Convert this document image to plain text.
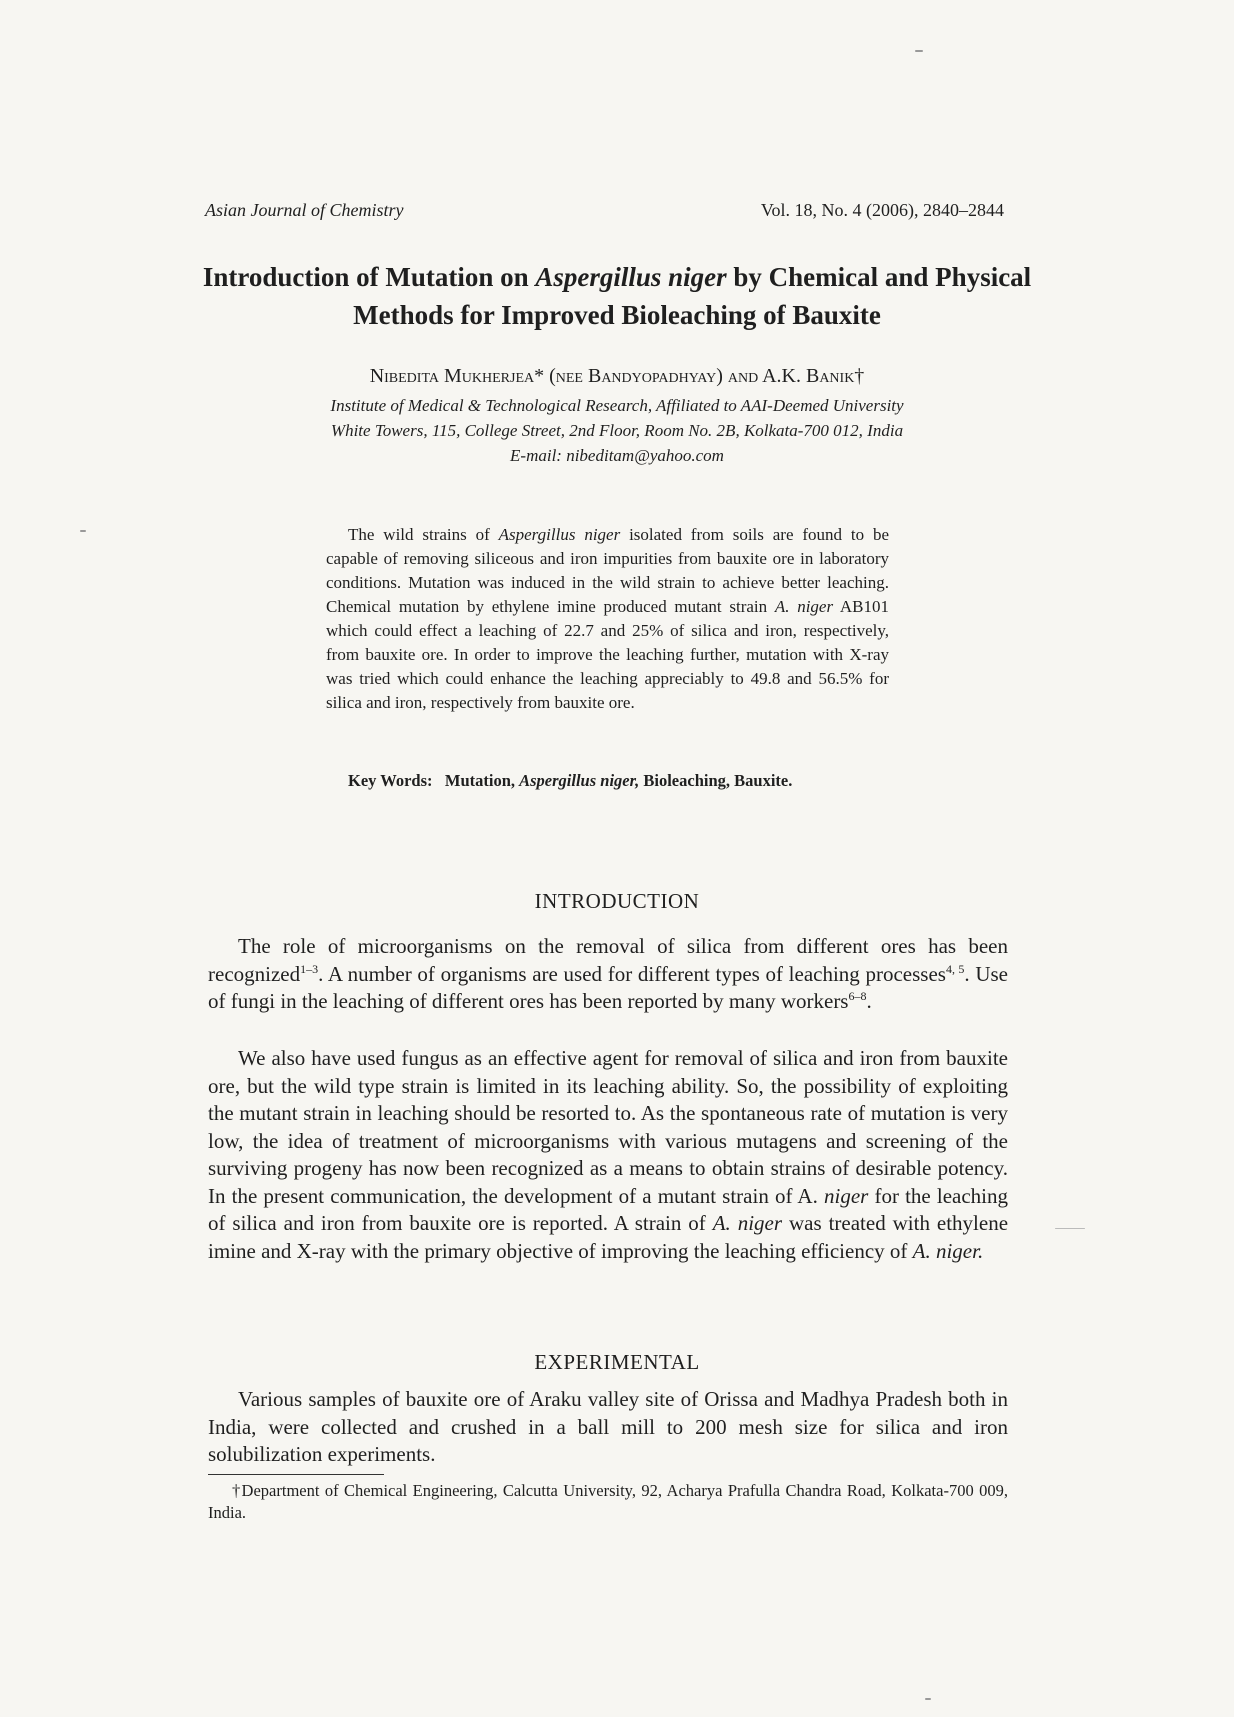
Asian Journal of Chemistry	Vol. 18, No. 4 (2006), 2840–2844
Introduction of Mutation on Aspergillus niger by Chemical and Physical Methods for Improved Bioleaching of Bauxite
Nibedita Mukherjea* (nee Bandyopadhyay) and A.K. Banik†
Institute of Medical & Technological Research, Affiliated to AAI-Deemed University
White Towers, 115, College Street, 2nd Floor, Room No. 2B, Kolkata-700 012, India
E-mail: nibeditam@yahoo.com
The wild strains of Aspergillus niger isolated from soils are found to be capable of removing siliceous and iron impurities from bauxite ore in laboratory conditions. Mutation was induced in the wild strain to achieve better leaching. Chemical mutation by ethylene imine produced mutant strain A. niger AB101 which could effect a leaching of 22.7 and 25% of silica and iron, respectively, from bauxite ore. In order to improve the leaching further, mutation with X-ray was tried which could enhance the leaching appreciably to 49.8 and 56.5% for silica and iron, respectively from bauxite ore.
Key Words: Mutation, Aspergillus niger, Bioleaching, Bauxite.
INTRODUCTION
The role of microorganisms on the removal of silica from different ores has been recognized$^{1-3}$. A number of organisms are used for different types of leaching processes$^{4, 5}$. Use of fungi in the leaching of different ores has been reported by many workers$^{6-8}$.
We also have used fungus as an effective agent for removal of silica and iron from bauxite ore, but the wild type strain is limited in its leaching ability. So, the possibility of exploiting the mutant strain in leaching should be resorted to. As the spontaneous rate of mutation is very low, the idea of treatment of microorganisms with various mutagens and screening of the surviving progeny has now been recognized as a means to obtain strains of desirable potency. In the present communication, the development of a mutant strain of A. niger for the leaching of silica and iron from bauxite ore is reported. A strain of A. niger was treated with ethylene imine and X-ray with the primary objective of improving the leaching efficiency of A. niger.
EXPERIMENTAL
Various samples of bauxite ore of Araku valley site of Orissa and Madhya Pradesh both in India, were collected and crushed in a ball mill to 200 mesh size for silica and iron solubilization experiments.
†Department of Chemical Engineering, Calcutta University, 92, Acharya Prafulla Chandra Road, Kolkata-700 009, India.
